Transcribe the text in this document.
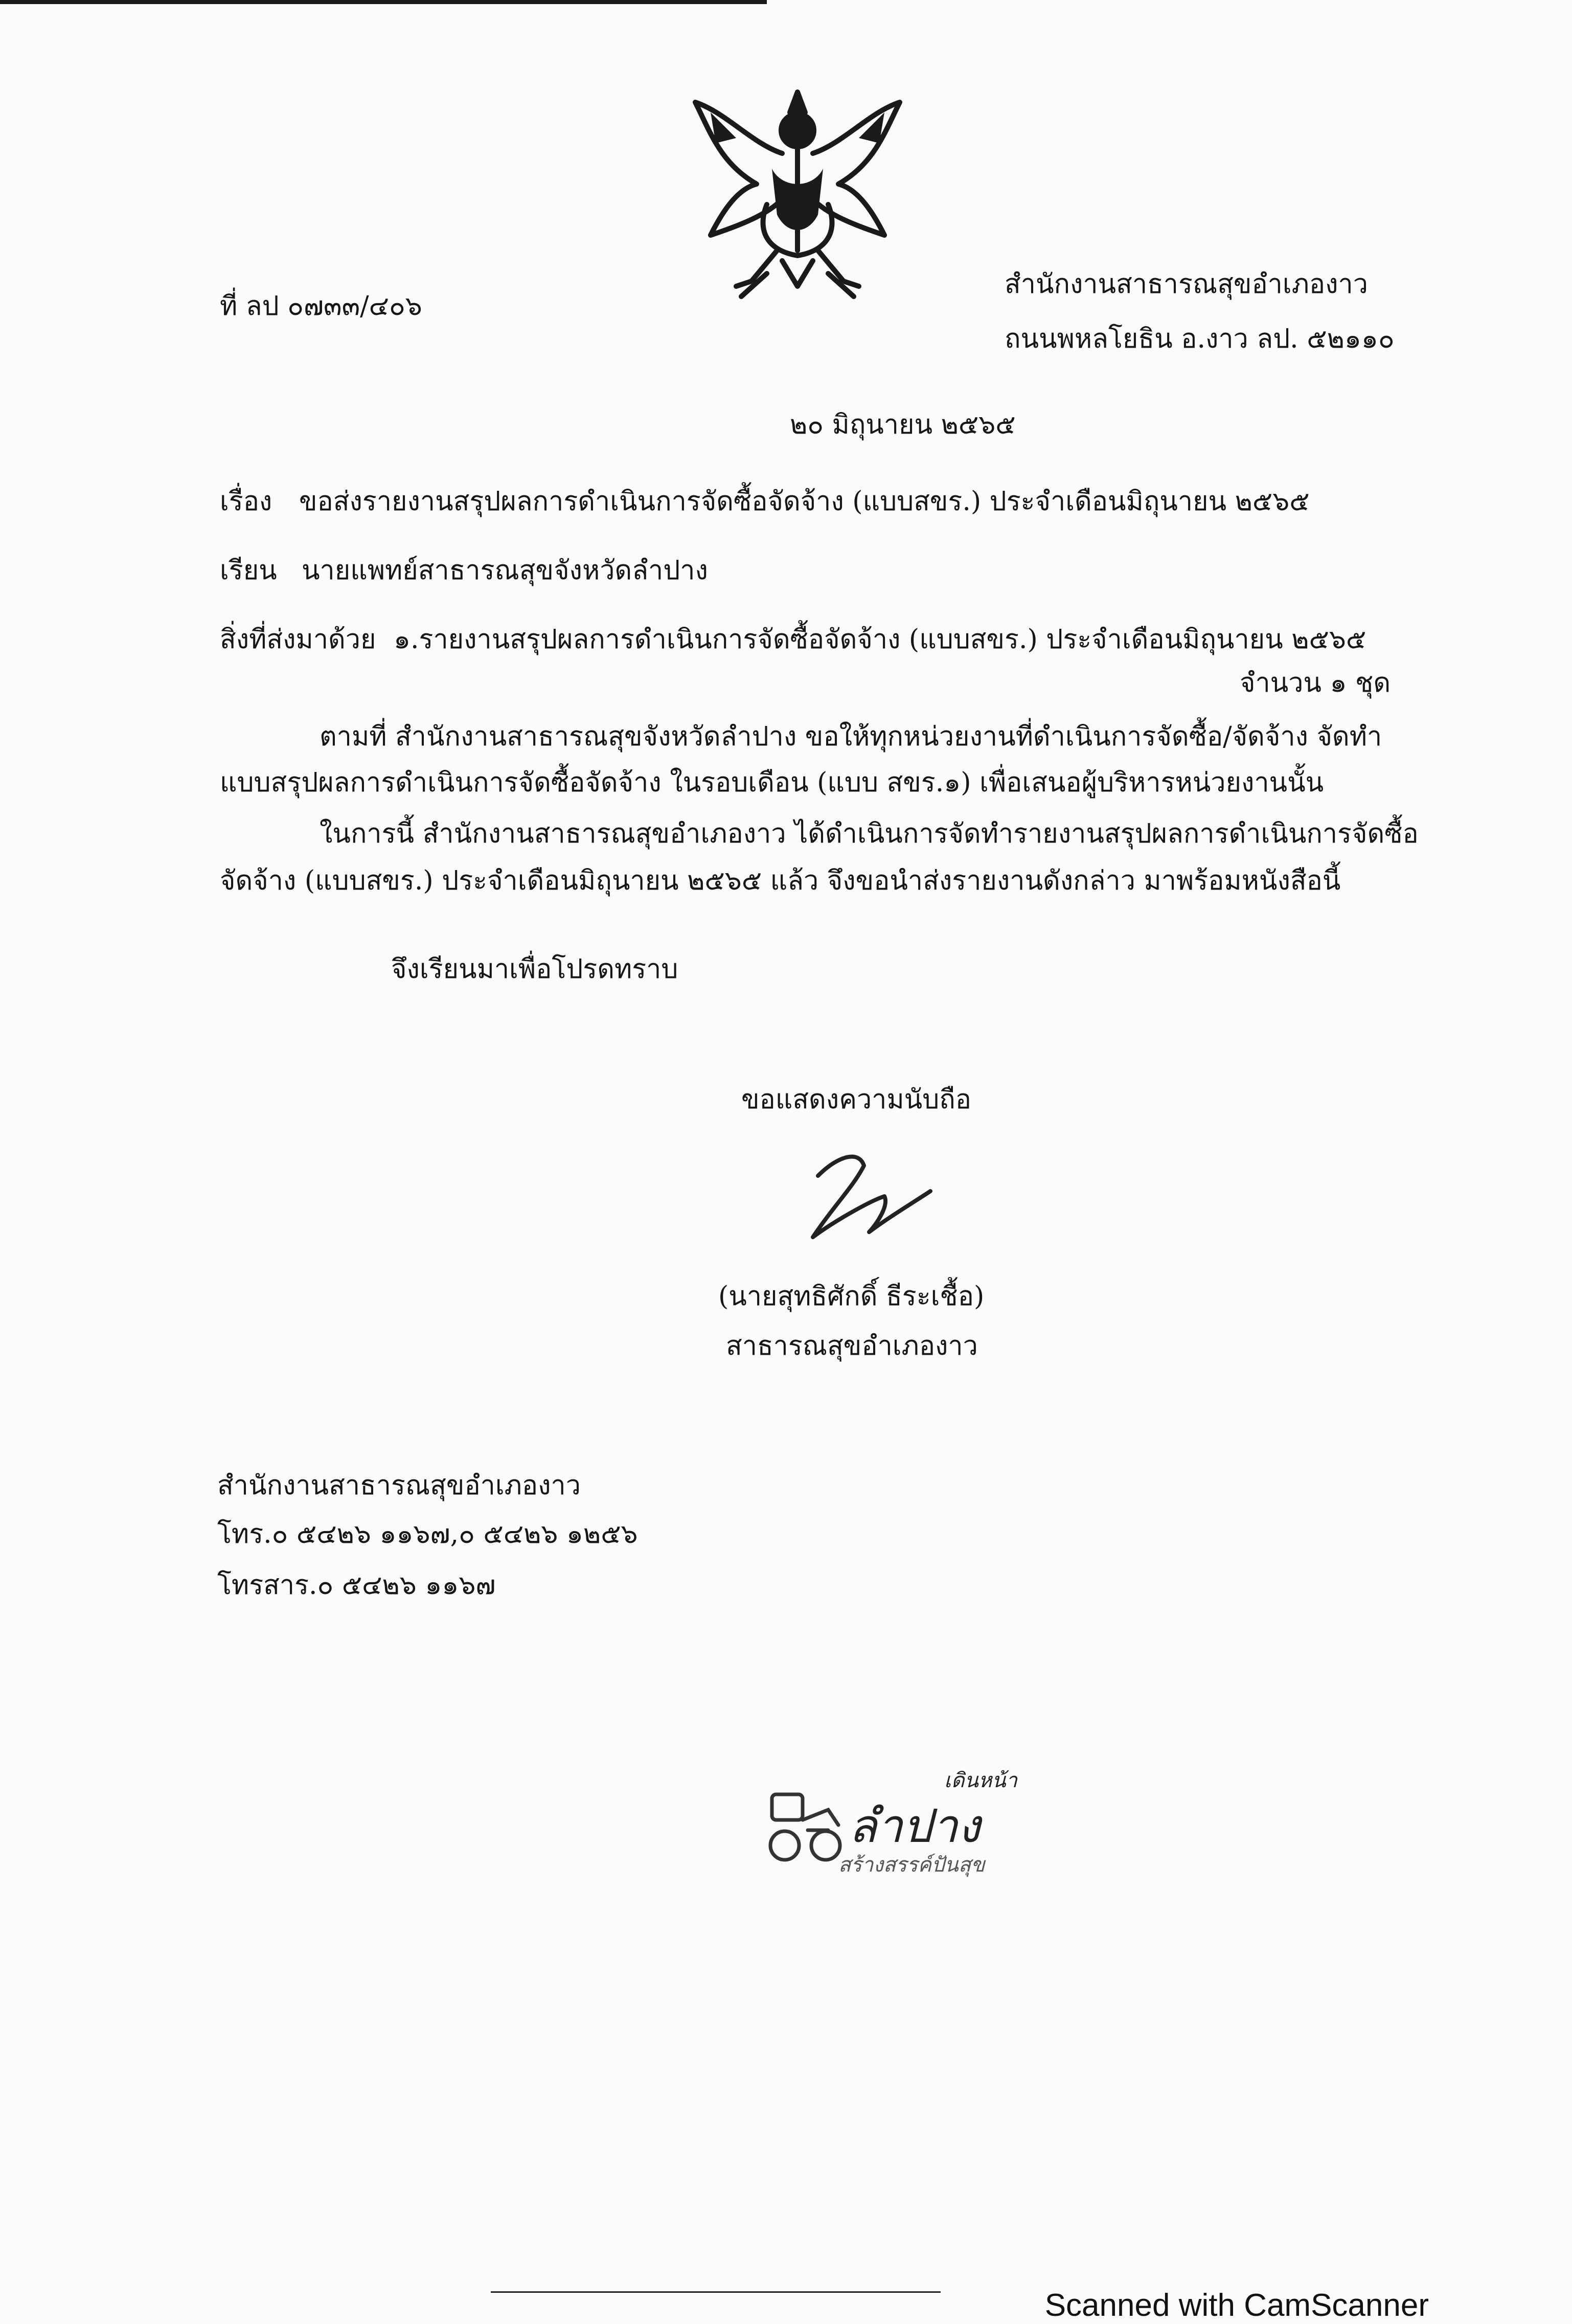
ที่ ลป ๐๗๓๓/๔๐๖
สำนักงานสาธารณสุขอำเภองาว
ถนนพหลโยธิน อ.งาว ลป. ๕๒๑๑๐
๒๐ มิถุนายน ๒๕๖๕
เรื่อง ขอส่งรายงานสรุปผลการดำเนินการจัดซื้อจัดจ้าง (แบบสขร.) ประจำเดือนมิถุนายน ๒๕๖๕
เรียน นายแพทย์สาธารณสุขจังหวัดลำปาง
สิ่งที่ส่งมาด้วย ๑.รายงานสรุปผลการดำเนินการจัดซื้อจัดจ้าง (แบบสขร.) ประจำเดือนมิถุนายน ๒๕๖๕
จำนวน ๑ ชุด
ตามที่ สำนักงานสาธารณสุขจังหวัดลำปาง ขอให้ทุกหน่วยงานที่ดำเนินการจัดซื้อ/จัดจ้าง จัดทำ
แบบสรุปผลการดำเนินการจัดซื้อจัดจ้าง ในรอบเดือน (แบบ สขร.๑) เพื่อเสนอผู้บริหารหน่วยงานนั้น
ในการนี้ สำนักงานสาธารณสุขอำเภองาว ได้ดำเนินการจัดทำรายงานสรุปผลการดำเนินการจัดซื้อ
จัดจ้าง (แบบสขร.) ประจำเดือนมิถุนายน ๒๕๖๕ แล้ว จึงขอนำส่งรายงานดังกล่าว มาพร้อมหนังสือนี้
จึงเรียนมาเพื่อโปรดทราบ
ขอแสดงความนับถือ
(นายสุทธิศักดิ์ ธีระเชื้อ)
สาธารณสุขอำเภองาว
สำนักงานสาธารณสุขอำเภองาว
โทร.๐ ๕๔๒๖ ๑๑๖๗,๐ ๕๔๒๖ ๑๒๕๖
โทรสาร.๐ ๕๔๒๖ ๑๑๖๗
เดินหน้า
ลำปาง
สร้างสรรค์ปันสุข
Scanned with CamScanner
